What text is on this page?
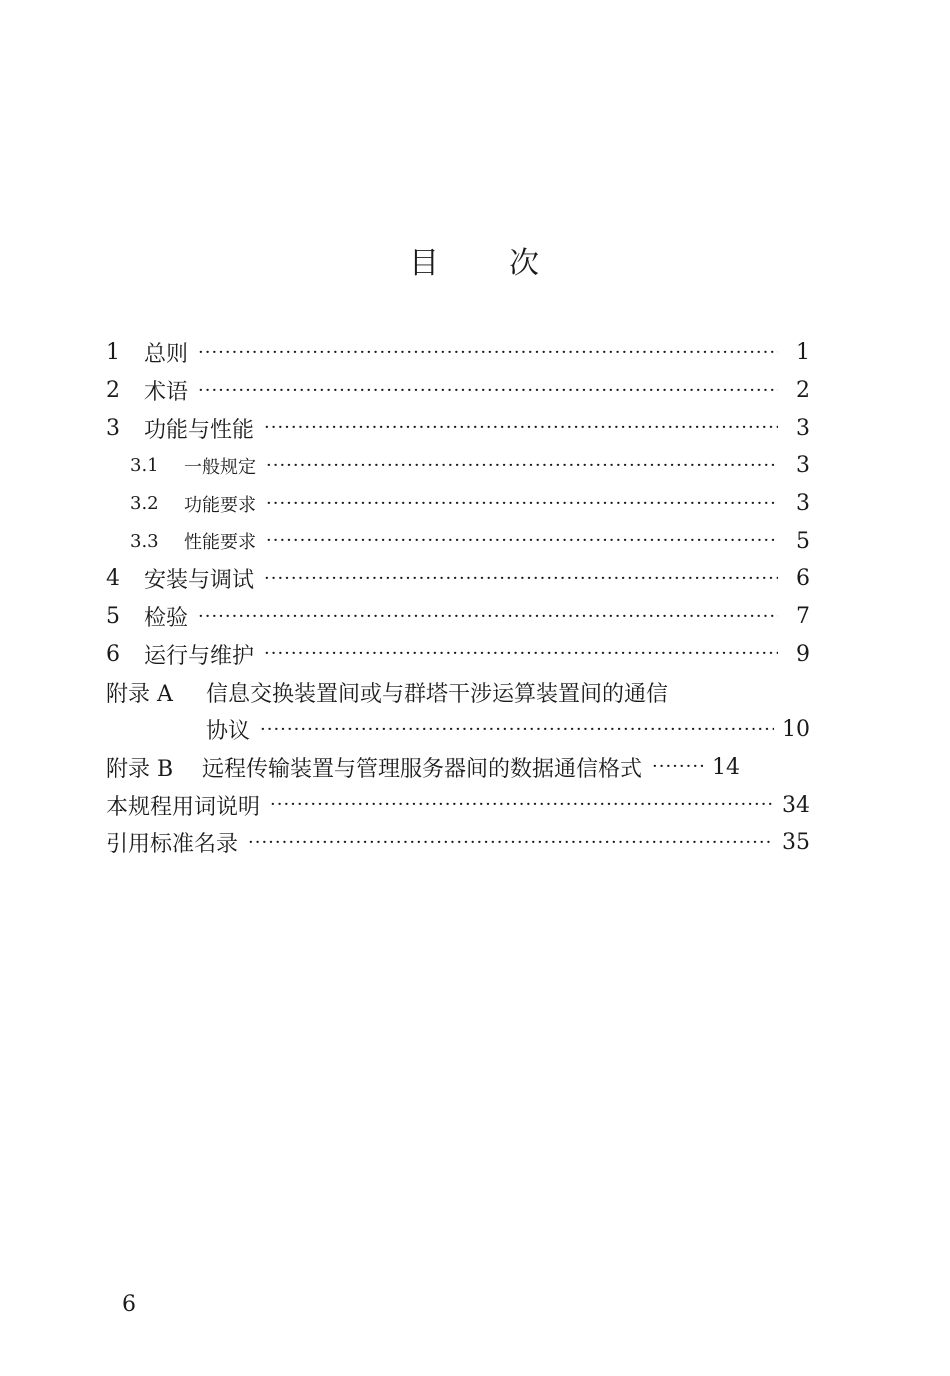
目 次
1	总则 ·····	1
2	术语 ·····	2
3	功能与性能 ·····	3
3.1	一般规定 ·····	3
3.2	功能要求 ·····	3
3.3	性能要求 ·····	5
4	安装与调试 ·····	6
5	检验 ·····	7
6	运行与维护 ·····	9
附录 A	信息交换装置间或与群塔干涉运算装置间的通信
协议 ·····	10
附录 B	远程传输装置与管理服务器间的数据通信格式 ·····	14
本规程用词说明 ·····	34
引用标准名录 ·····	35
6
